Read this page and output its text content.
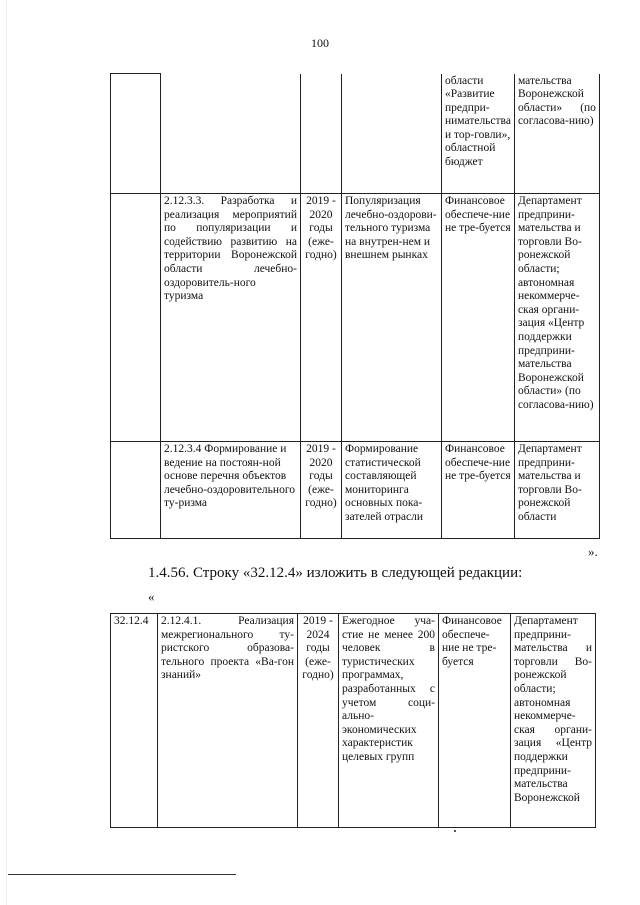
100
				области «Развитие предпри-нимательства и тор-говли», областной бюджет	мательства Воронежской области» (по согласова-нию)
	2.12.3.3. Разработка и реализация мероприятий по популяризации и содействию развитию на территории Воронежской области лечебно-оздоровитель-ного туризма	2019 - 2020 годы (еже-годно)	Популяризация лечебно-оздорови-тельного туризма на внутрен-нем и внешнем рынках	Финансовое обеспече-ние не тре-буется	Департамент предприни-мательства и торговли Во-ронежской области; автономная некоммерче-ская органи-зация «Центр поддержки предприни-мательства Воронежской области» (по согласова-нию)
	2.12.3.4 Формирование и ведение на постоян-ной основе перечня объектов лечебно-оздоровительного ту-ризма	2019 - 2020 годы (еже-годно)	Формирование статистической составляющей мониторинга основных пока-зателей отрасли	Финансовое обеспече-ние не тре-буется	Департамент предприни-мательства и торговли Во-ронежской области
».
1.4.56. Строку «32.12.4» изложить в следующей редакции:
«
32.12.4	2.12.4.1. Реализация межрегионального ту-ристского образова-тельного проекта «Ва-гон знаний»	2019 - 2024 годы (еже-годно)	Ежегодное уча-стие не менее 200 человек в туристических программах, разработанных с учетом соци-ально-экономических характеристик целевых групп	Финансовое обеспече-ние не тре-буется	Департамент предприни-мательства и торговли Во-ронежской области; автономная некоммерче-ская органи-зация «Центр поддержки предприни-мательства Воронежской
